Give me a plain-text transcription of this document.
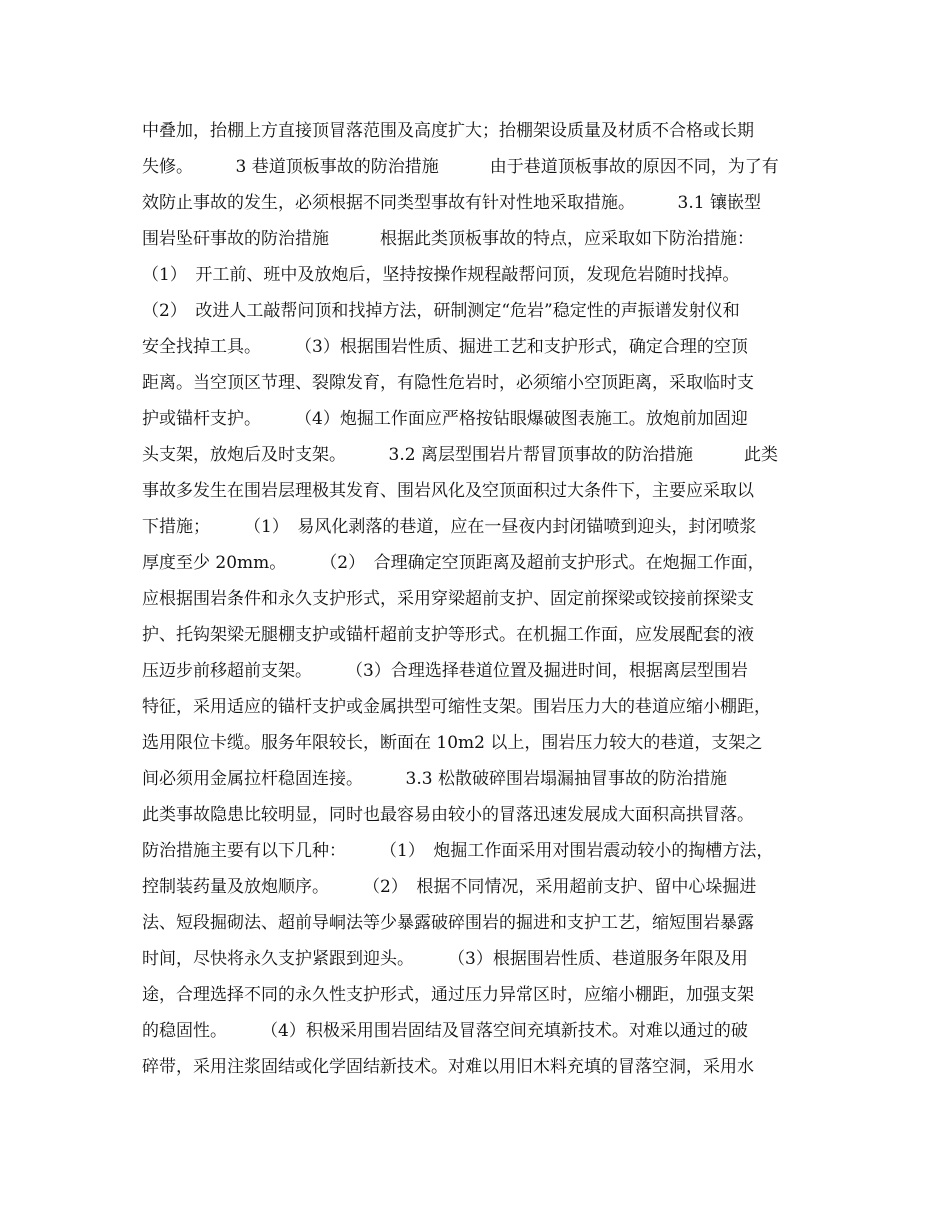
中叠加，抬棚上方直接顶冒落范围及高度扩大；抬棚架设质量及材质不合格或长期
失修。　　　3 巷道顶板事故的防治措施　　　由于巷道顶板事故的原因不同，为了有
效防止事故的发生，必须根据不同类型事故有针对性地采取措施。　　　3.1 镶嵌型
围岩坠矸事故的防治措施　　　根据此类顶板事故的特点，应采取如下防治措施：
（1）　开工前、班中及放炮后，坚持按操作规程敲帮问顶，发现危岩随时找掉。
（2）　改进人工敲帮问顶和找掉方法，研制测定“危岩”稳定性的声振谱发射仪和
安全找掉工具。　　　（3）根据围岩性质、掘进工艺和支护形式，确定合理的空顶
距离。当空顶区节理、裂隙发育，有隐性危岩时，必须缩小空顶距离，采取临时支
护或锚杆支护。　　　（4）炮掘工作面应严格按钻眼爆破图表施工。放炮前加固迎
头支架，放炮后及时支架。　　　3.2 离层型围岩片帮冒顶事故的防治措施　　　此类
事故多发生在围岩层理极其发育、围岩风化及空顶面积过大条件下，主要应采取以
下措施；　　　（1）　易风化剥落的巷道，应在一昼夜内封闭锚喷到迎头，封闭喷浆
厚度至少 20mm。　　　（2）　合理确定空顶距离及超前支护形式。在炮掘工作面，
应根据围岩条件和永久支护形式，采用穿梁超前支护、固定前探梁或铰接前探梁支
护、托钩架梁无腿棚支护或锚杆超前支护等形式。在机掘工作面，应发展配套的液
压迈步前移超前支架。　　　（3）合理选择巷道位置及掘进时间，根据离层型围岩
特征，采用适应的锚杆支护或金属拱型可缩性支架。围岩压力大的巷道应缩小棚距，
选用限位卡缆。服务年限较长，断面在 10m2 以上，围岩压力较大的巷道，支架之
间必须用金属拉杆稳固连接。　　　3.3 松散破碎围岩塌漏抽冒事故的防治措施
此类事故隐患比较明显，同时也最容易由较小的冒落迅速发展成大面积高拱冒落。
防治措施主要有以下几种：　　　（1）　炮掘工作面采用对围岩震动较小的掏槽方法，
控制装药量及放炮顺序。　　　（2）　根据不同情况，采用超前支护、留中心垛掘进
法、短段掘砌法、超前导峒法等少暴露破碎围岩的掘进和支护工艺，缩短围岩暴露
时间，尽快将永久支护紧跟到迎头。　　　（3）根据围岩性质、巷道服务年限及用
途，合理选择不同的永久性支护形式，通过压力异常区时，应缩小棚距，加强支架
的稳固性。　　　（4）积极采用围岩固结及冒落空间充填新技术。对难以通过的破
碎带，采用注浆固结或化学固结新技术。对难以用旧木料充填的冒落空洞，采用水
